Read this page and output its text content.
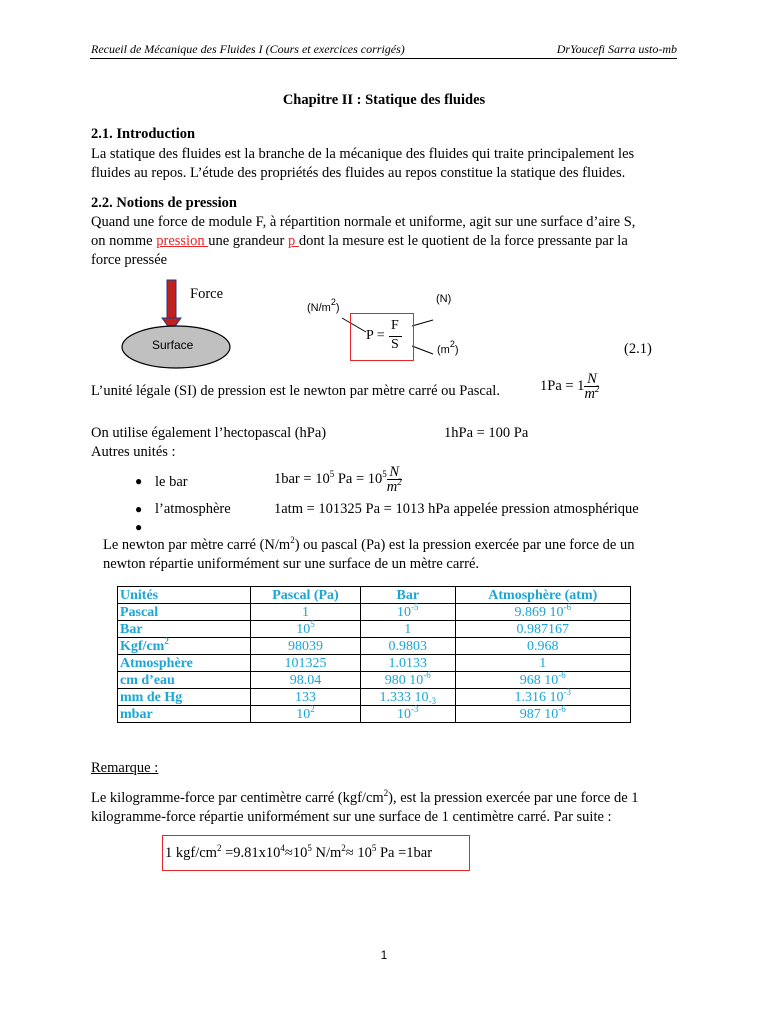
Recueil de Mécanique des Fluides I (Cours et exercices corrigés)	DrYoucefi Sarra usto-mb
Chapitre II : Statique des fluides
2.1. Introduction
La statique des fluides est la branche de la mécanique des fluides qui traite principalement les
fluides au repos. L’étude des propriétés des fluides au repos constitue la statique des fluides.
2.2. Notions de pression
Quand une force de module F, à répartition normale et uniforme, agit sur une surface d’aire S,
on nomme pression une grandeur p dont la mesure est le quotient de la force pressante par la
force pressée
Force
Surface
$(N/m^2)$
(N)
$(m^2)$
P =
F
S	(2.1)
L’unité légale (SI) de pression est le newton par mètre carré ou Pascal.	$1Pa = 1 \frac{N}{m^2}$
On utilise également l’hectopascal (hPa)	1hPa = 100 Pa
Autres unités :
● le bar	$1bar = 10^5$ $Pa = 10^5 \frac{N}{m^2}$
● l’atmosphère	1atm = 101325 Pa = 1013 hPa appelée pression atmosphérique
●
Le newton par mètre carré $(N/m^2)$ ou pascal (Pa) est la pression exercée par une force de un
newton répartie uniformément sur une surface de un mètre carré.
Unités	Pascal (Pa)	Bar	Atmosphère (atm)
Pascal	1	$10^{-5}$	9.869 $10^{-6}$
Bar	$10^5$	1	0.987167
Kgf/$cm^2$	98039	0.9803	0.968
Atmosphère	101325	1.0133	1
cm d’eau	98.04	980 $10^{-6}$	968 $10^{-6}$
mm de Hg	133	1.333 $10_{-3}$	1.316 $10^{-3}$
mbar	$10^2$	$10^{-3}$	987 $10^{-6}$
Remarque :
Le kilogramme-force par centimètre carré $(kgf/cm^2)$, est la pression exercée par une force de 1
kilogramme-force répartie uniformément sur une surface de 1 centimètre carré. Par suite :
1 kgf/$cm^2 =9.81x10^4\approx 10^5$ $N/m^2\approx 10^5$ Pa =1bar
1
